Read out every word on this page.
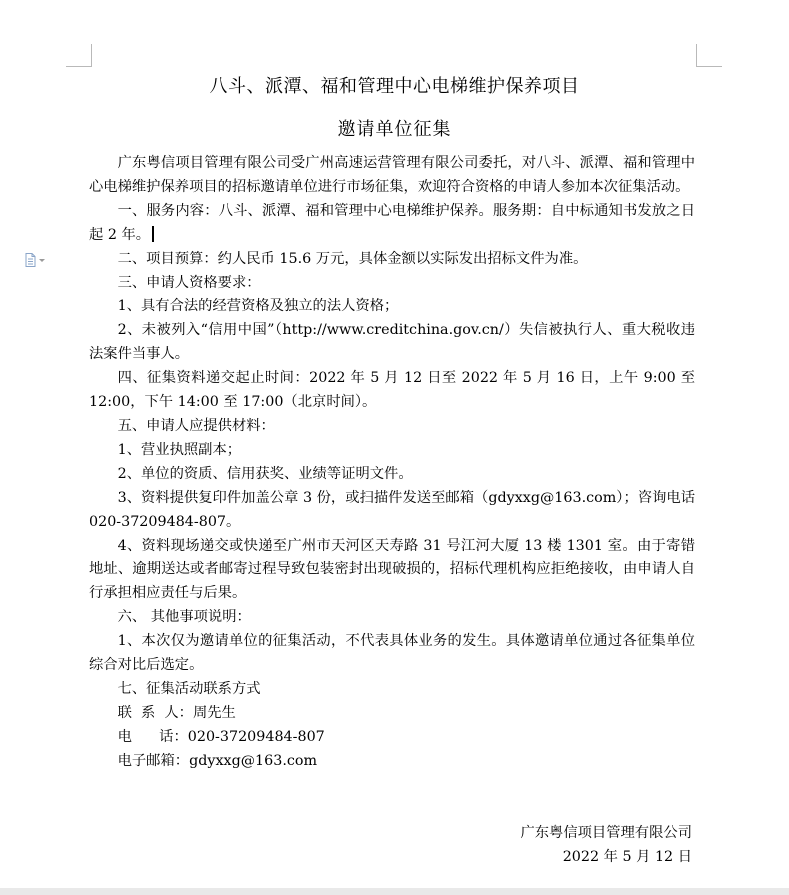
八斗、派潭、福和管理中心电梯维护保养项目
邀请单位征集

广东粤信项目管理有限公司受广州高速运营管理有限公司委托，对八斗、派潭、福和管理中心电梯维护保养项目的招标邀请单位进行市场征集，欢迎符合资格的申请人参加本次征集活动。

一、服务内容：八斗、派潭、福和管理中心电梯维护保养。服务期：自中标通知书发放之日起 2 年。

二、项目预算：约人民币 15.6 万元，具体金额以实际发出招标文件为准。

三、申请人资格要求：

1、具有合法的经营资格及独立的法人资格；

2、未被列入“信用中国”（http://www.creditchina.gov.cn/）失信被执行人、重大税收违法案件当事人。

四、征集资料递交起止时间：2022 年 5 月 12 日至 2022 年 5 月 16 日，上午 9:00 至 12:00，下午 14:00 至 17:00（北京时间）。

五、申请人应提供材料：

1、营业执照副本；

2、单位的资质、信用获奖、业绩等证明文件。

3、资料提供复印件加盖公章 3 份，或扫描件发送至邮箱（gdyxxg@163.com）；咨询电话 020-37209484-807。

4、资料现场递交或快递至广州市天河区天寿路 31 号江河大厦 13 楼 1301 室。由于寄错地址、逾期送达或者邮寄过程导致包装密封出现破损的，招标代理机构应拒绝接收，由申请人自行承担相应责任与后果。

六、 其他事项说明：

1、本次仅为邀请单位的征集活动，不代表具体业务的发生。具体邀请单位通过各征集单位综合对比后选定。

七、征集活动联系方式

联  系  人：周先生

电      话：020-37209484-807

电子邮箱：gdyxxg@163.com

广东粤信项目管理有限公司
2022 年 5 月 12 日
